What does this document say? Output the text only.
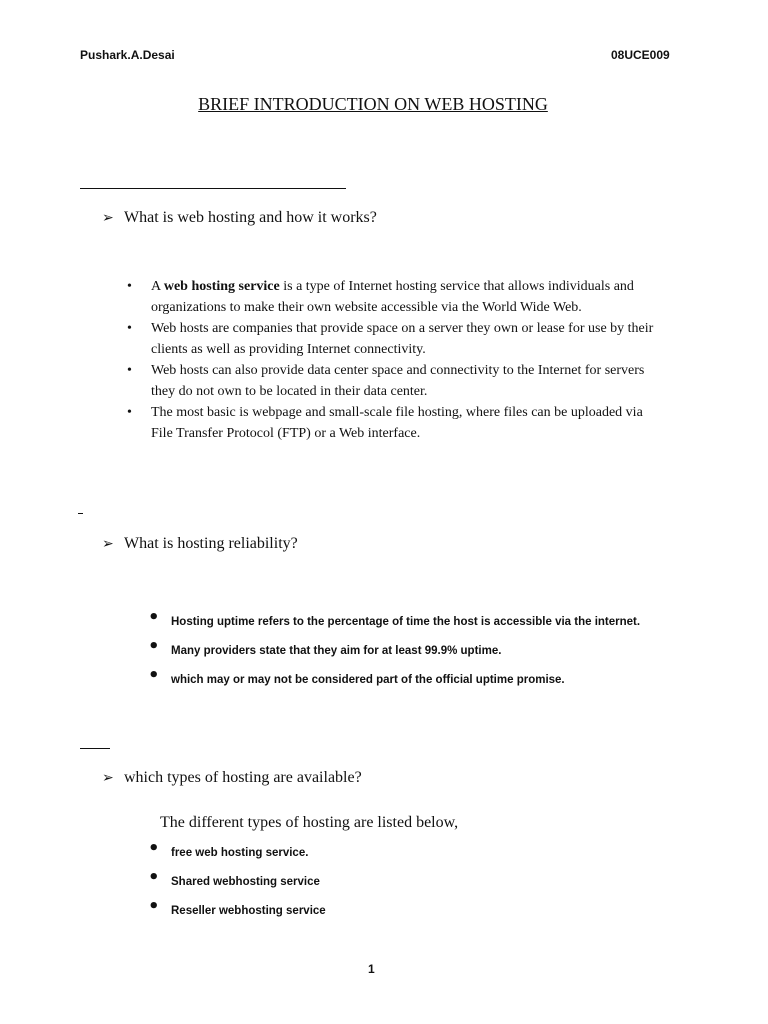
Pushark.A.Desai	08UCE009
BRIEF INTRODUCTION ON WEB HOSTING
➢ What is web hosting and how it works?
• A web hosting service is a type of Internet hosting service that allows individuals and organizations to make their own website accessible via the World Wide Web.
• Web hosts are companies that provide space on a server they own or lease for use by their clients as well as providing Internet connectivity.
• Web hosts can also provide data center space and connectivity to the Internet for servers they do not own to be located in their data center.
• The most basic is webpage and small-scale file hosting, where files can be uploaded via File Transfer Protocol (FTP) or a Web interface.
➢ What is hosting reliability?
• Hosting uptime refers to the percentage of time the host is accessible via the internet.
• Many providers state that they aim for at least 99.9% uptime.
• which may or may not be considered part of the official uptime promise.
➢ which types of hosting are available?
The different types of hosting are listed below,
• free web hosting service.
• Shared webhosting service
• Reseller webhosting service
1
